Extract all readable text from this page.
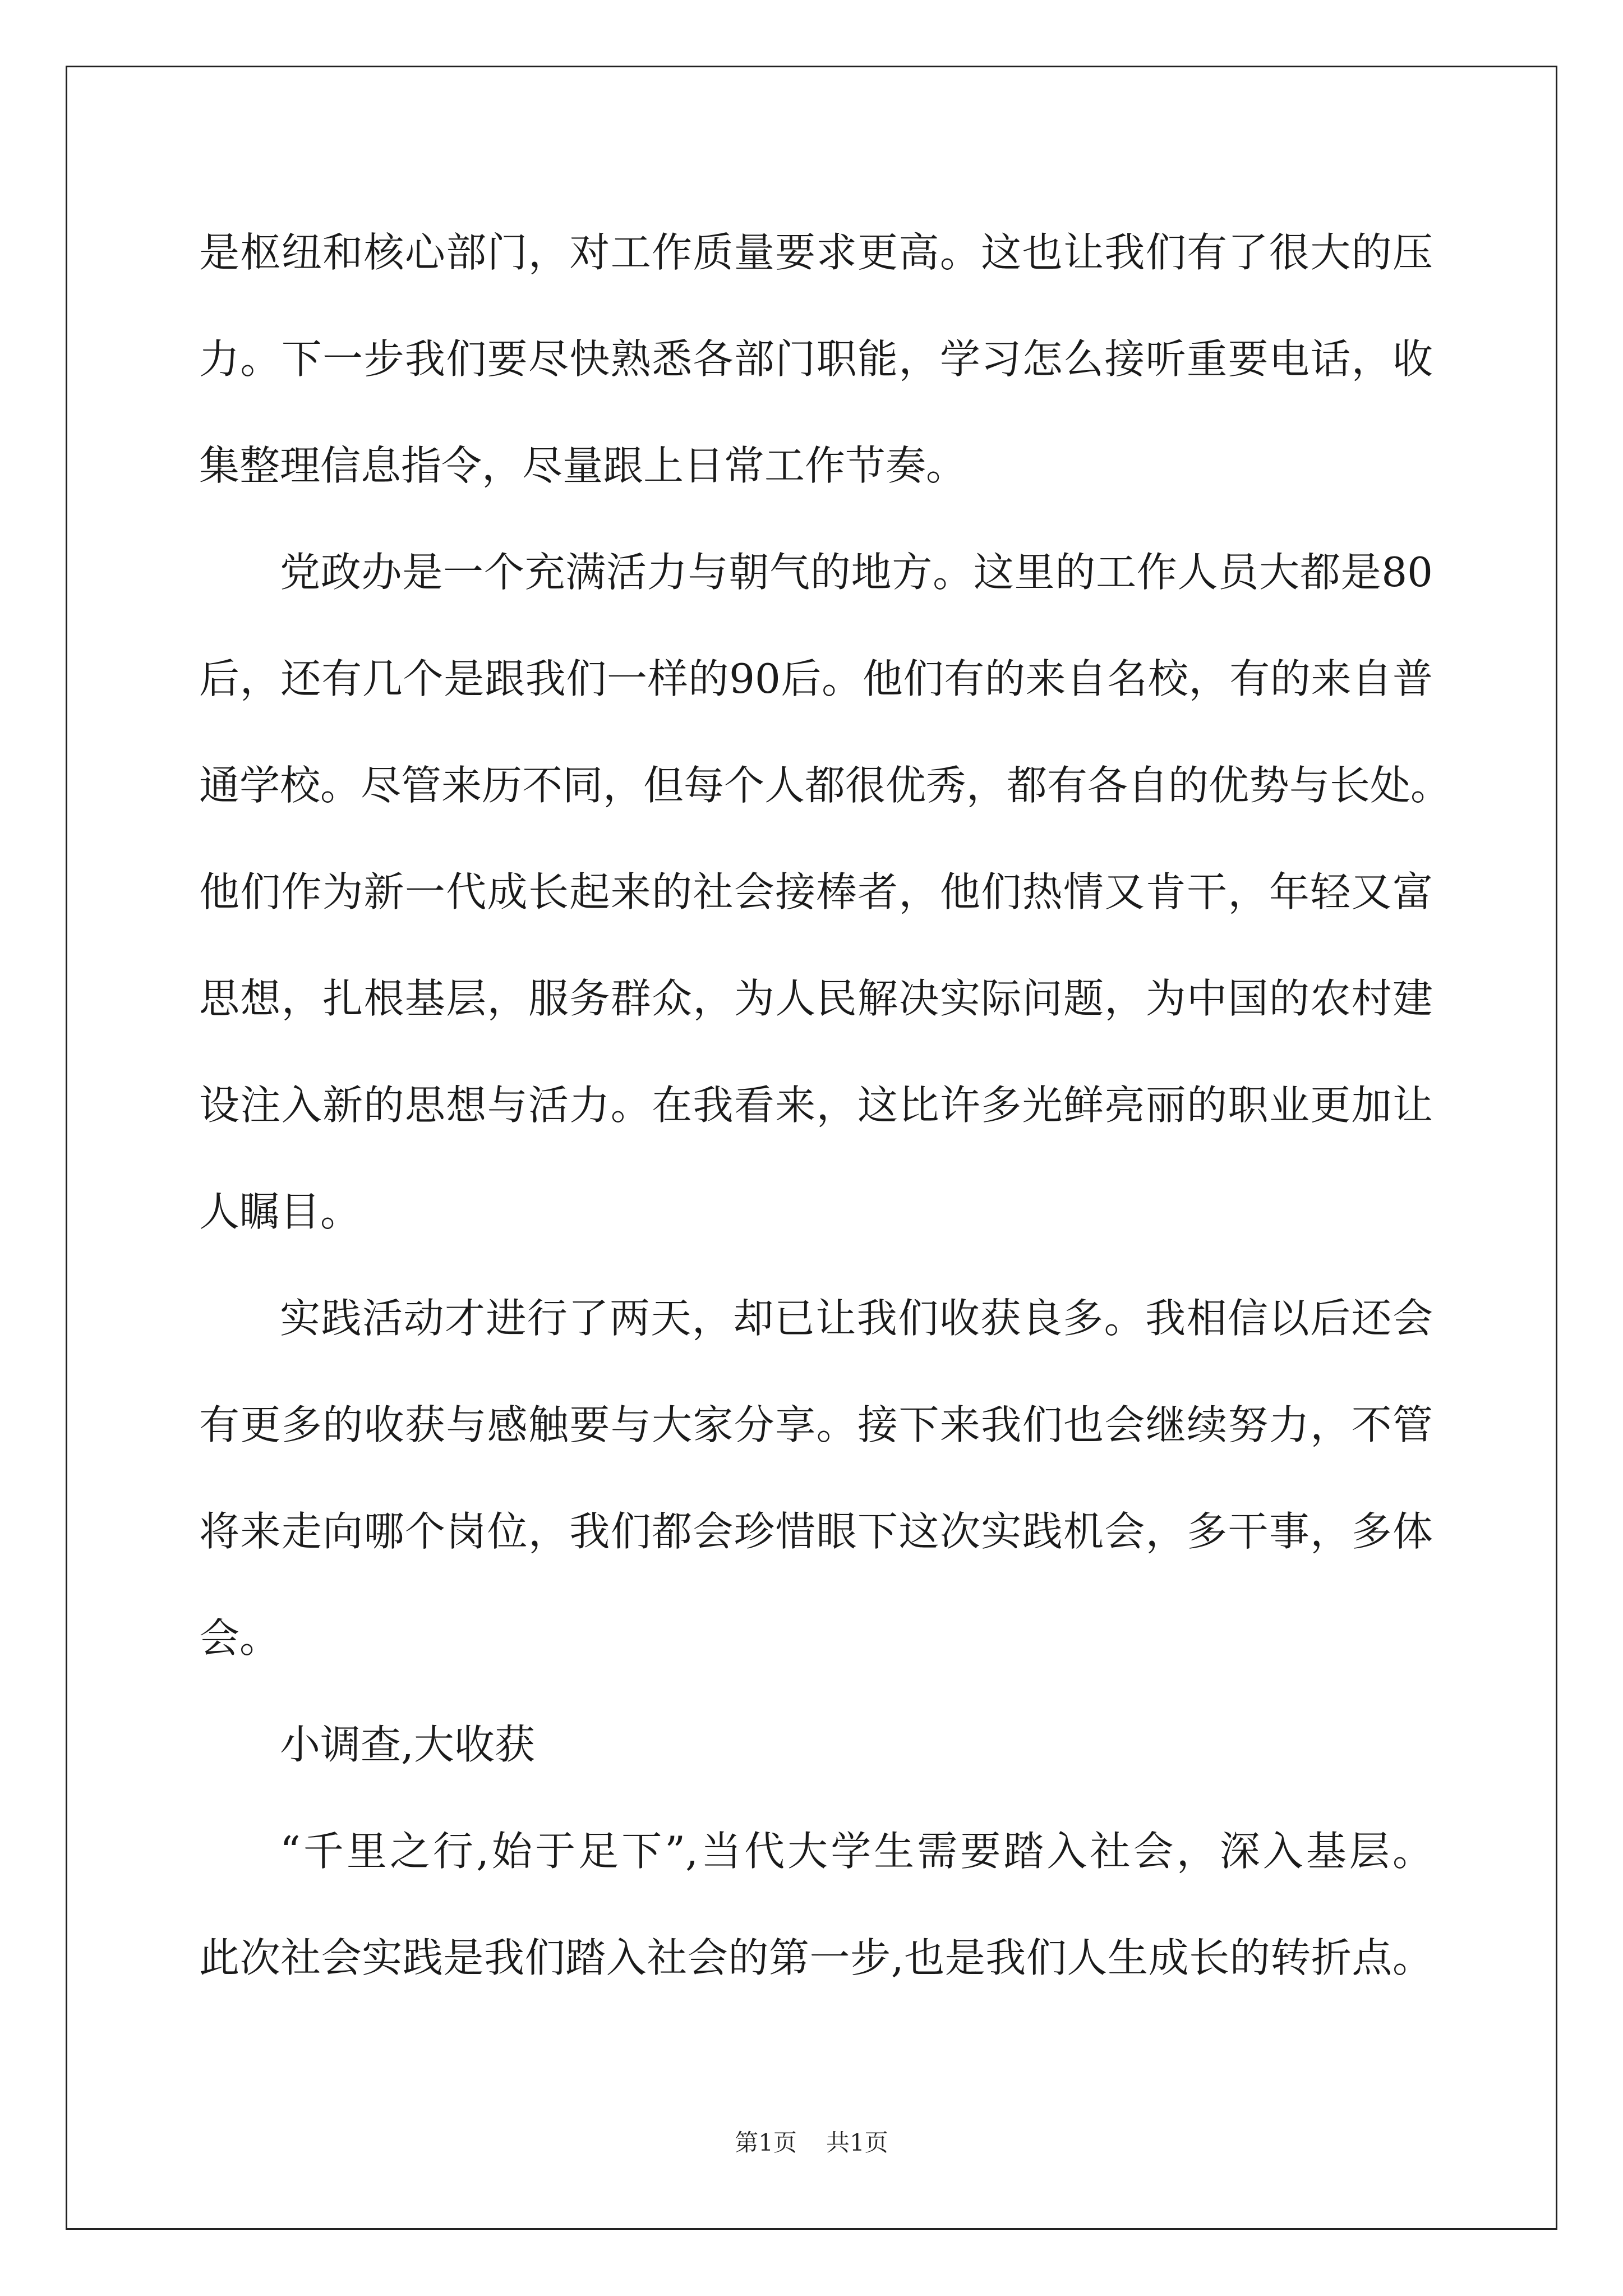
是枢纽和核心部门，对工作质量要求更高。这也让我们有了很大的压
力。下一步我们要尽快熟悉各部门职能，学习怎么接听重要电话，收
集整理信息指令，尽量跟上日常工作节奏。
党政办是一个充满活力与朝气的地方。这里的工作人员大都是80
后，还有几个是跟我们一样的90后。他们有的来自名校，有的来自普
通学校。尽管来历不同，但每个人都很优秀，都有各自的优势与长处。
他们作为新一代成长起来的社会接棒者，他们热情又肯干，年轻又富
思想，扎根基层，服务群众，为人民解决实际问题，为中国的农村建
设注入新的思想与活力。在我看来，这比许多光鲜亮丽的职业更加让
人瞩目。
实践活动才进行了两天，却已让我们收获良多。我相信以后还会
有更多的收获与感触要与大家分享。接下来我们也会继续努力，不管
将来走向哪个岗位，我们都会珍惜眼下这次实践机会，多干事，多体
会。
小调查,大收获
“千里之行,始于足下”,当代大学生需要踏入社会，深入基层。
此次社会实践是我们踏入社会的第一步,也是我们人生成长的转折点。
第1页 共1页
